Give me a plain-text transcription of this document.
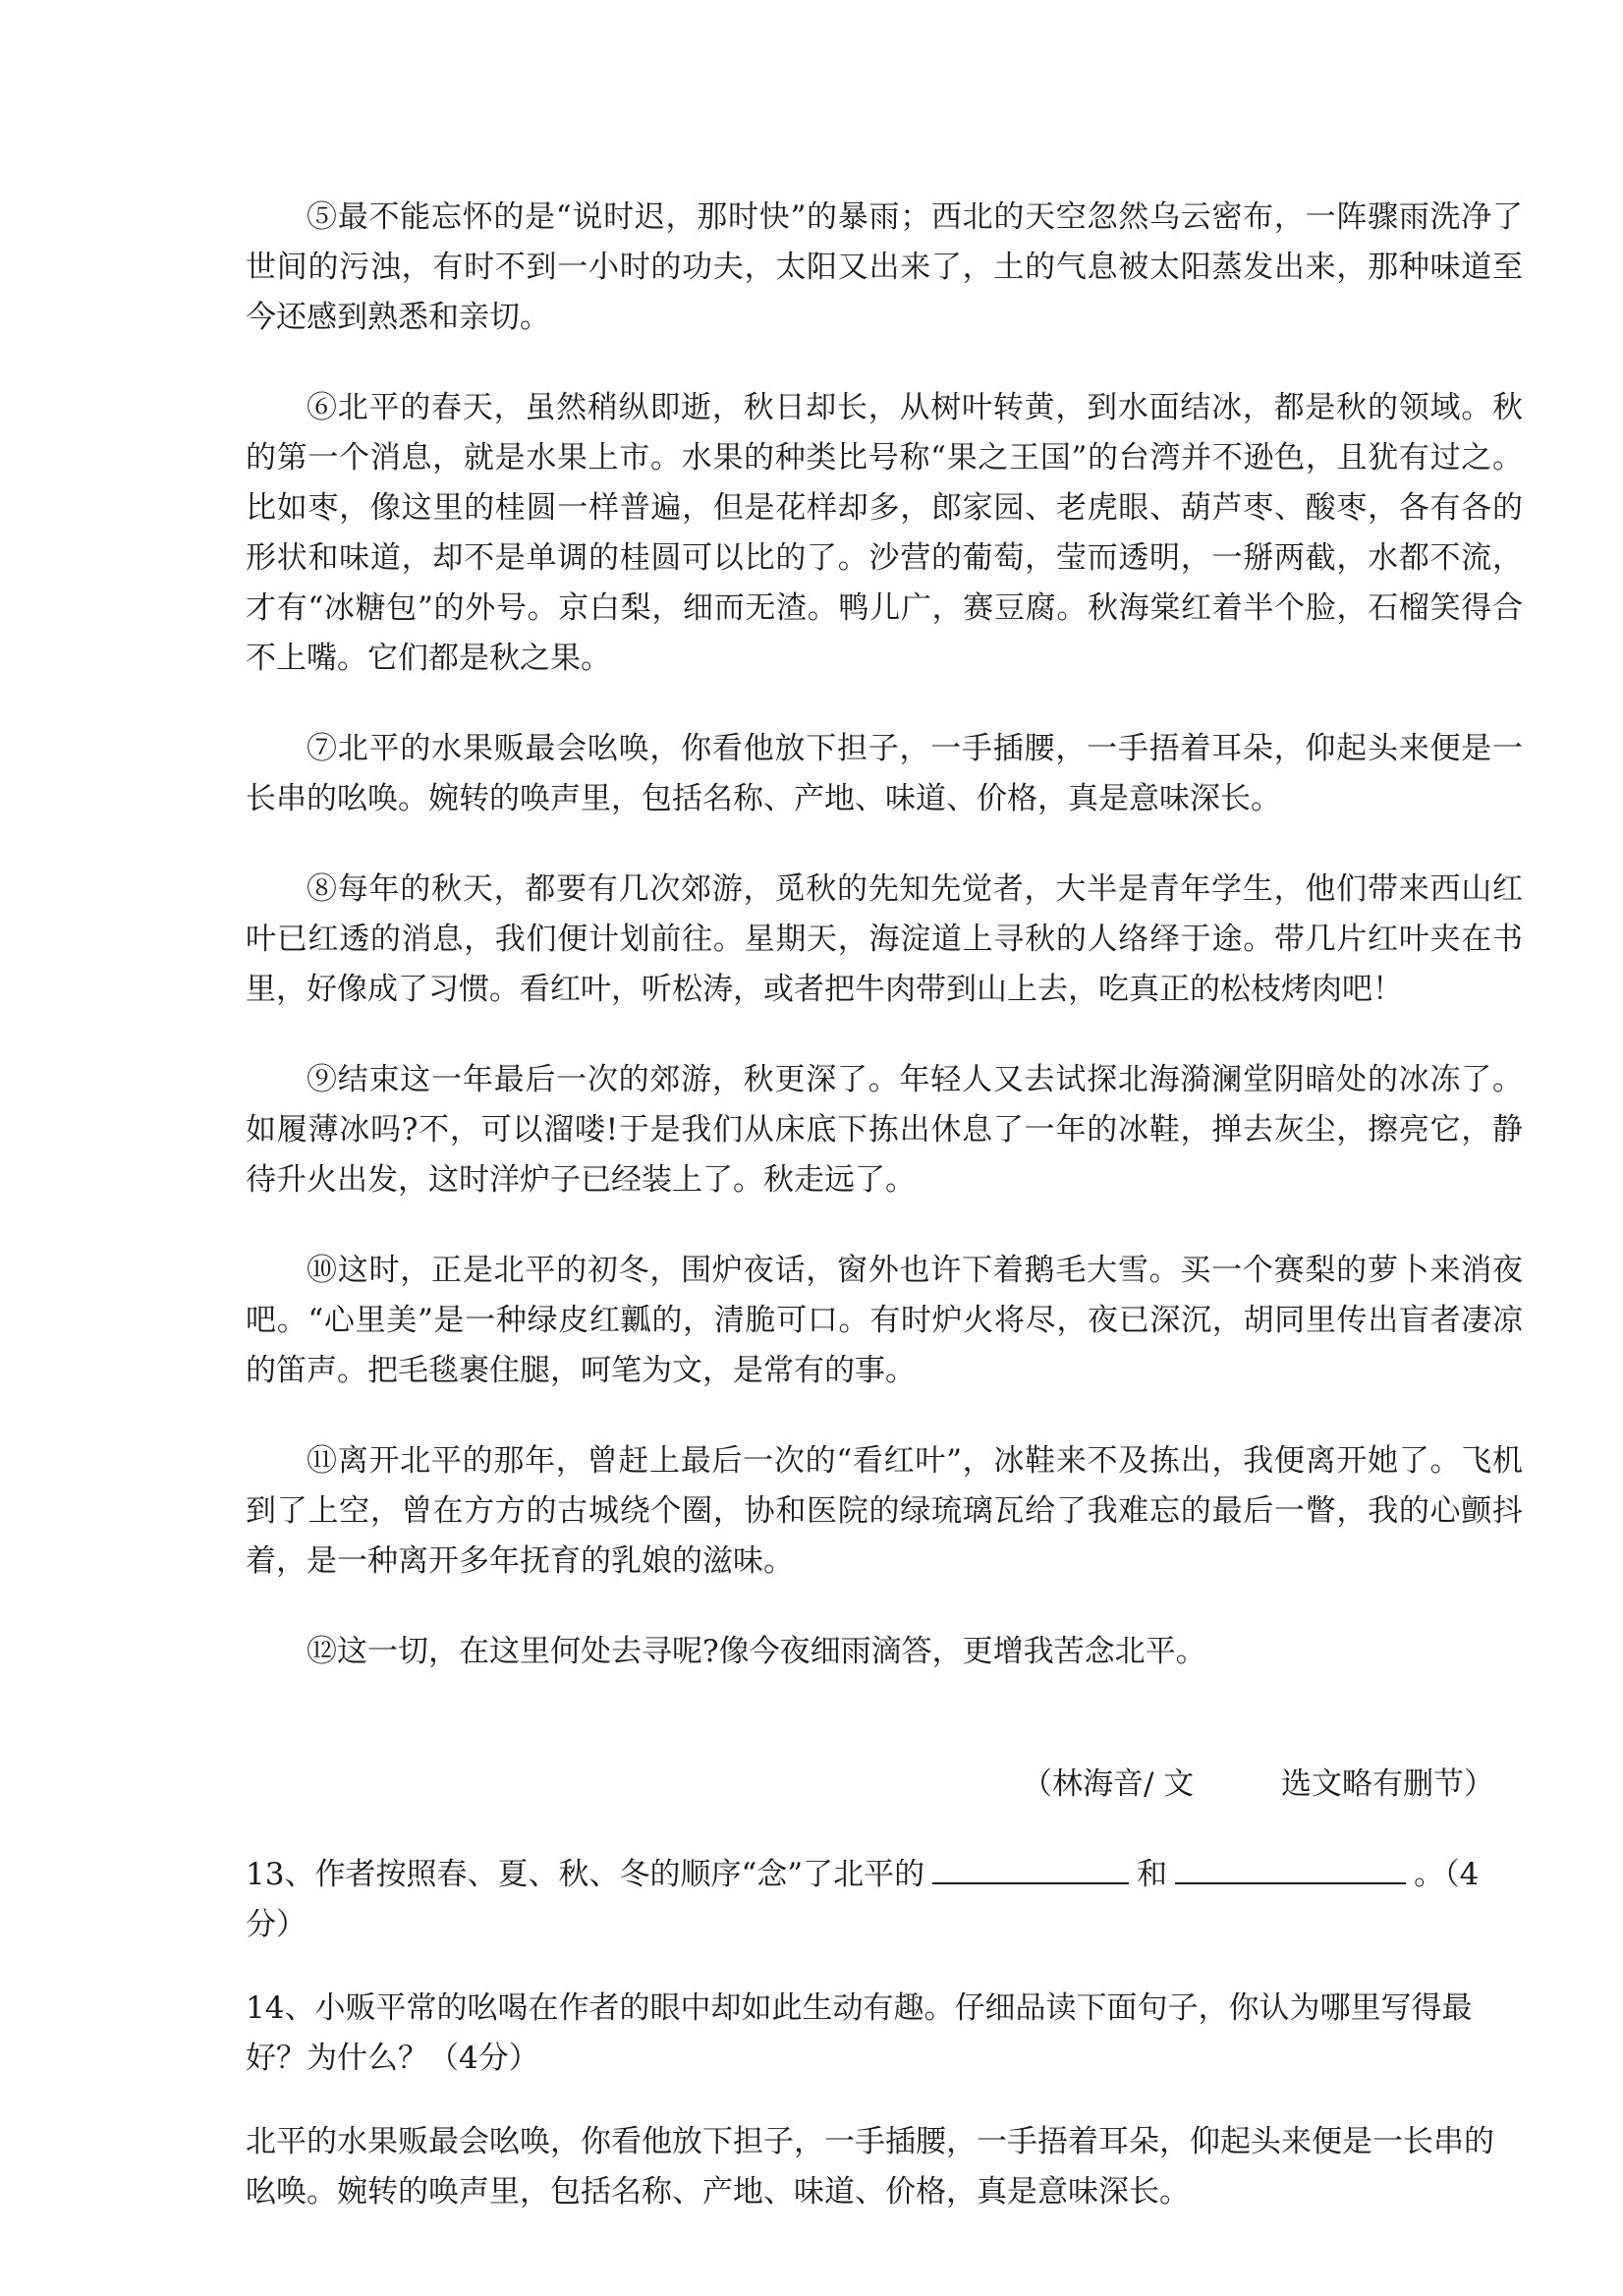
⑤最不能忘怀的是“说时迟，那时快”的暴雨；西北的天空忽然乌云密布，一阵骤雨洗净了世间的污浊，有时不到一小时的功夫，太阳又出来了，土的气息被太阳蒸发出来，那种味道至今还感到熟悉和亲切。

⑥北平的春天，虽然稍纵即逝，秋日却长，从树叶转黄，到水面结冰，都是秋的领域。秋的第一个消息，就是水果上市。水果的种类比号称“果之王国”的台湾并不逊色，且犹有过之。比如枣，像这里的桂圆一样普遍，但是花样却多，郎家园、老虎眼、葫芦枣、酸枣，各有各的形状和味道，却不是单调的桂圆可以比的了。沙营的葡萄，莹而透明，一掰两截，水都不流，才有“冰糖包”的外号。京白梨，细而无渣。鸭儿广，赛豆腐。秋海棠红着半个脸，石榴笑得合不上嘴。它们都是秋之果。

⑦北平的水果贩最会吆唤，你看他放下担子，一手插腰，一手捂着耳朵，仰起头来便是一长串的吆唤。婉转的唤声里，包括名称、产地、味道、价格，真是意味深长。

⑧每年的秋天，都要有几次郊游，觅秋的先知先觉者，大半是青年学生，他们带来西山红叶已红透的消息，我们便计划前往。星期天，海淀道上寻秋的人络绎于途。带几片红叶夹在书里，好像成了习惯。看红叶，听松涛，或者把牛肉带到山上去，吃真正的松枝烤肉吧！

⑨结束这一年最后一次的郊游，秋更深了。年轻人又去试探北海漪澜堂阴暗处的冰冻了。如履薄冰吗?不，可以溜喽!于是我们从床底下拣出休息了一年的冰鞋，掸去灰尘，擦亮它，静待升火出发，这时洋炉子已经装上了。秋走远了。

⑩这时，正是北平的初冬，围炉夜话，窗外也许下着鹅毛大雪。买一个赛梨的萝卜来消夜吧。“心里美”是一种绿皮红瓤的，清脆可口。有时炉火将尽，夜已深沉，胡同里传出盲者凄凉的笛声。把毛毯裹住腿，呵笔为文，是常有的事。

⑪离开北平的那年，曾赶上最后一次的“看红叶”，冰鞋来不及拣出，我便离开她了。飞机到了上空，曾在方方的古城绕个圈，协和医院的绿琉璃瓦给了我难忘的最后一瞥，我的心颤抖着，是一种离开多年抚育的乳娘的滋味。

⑫这一切，在这里何处去寻呢?像今夜细雨滴答，更增我苦念北平。

（林海音/ 文         选文略有删节）
13、作者按照春、夏、秋、冬的顺序“念”了北平的	和	。（4分）
14、小贩平常的吆喝在作者的眼中却如此生动有趣。仔细品读下面句子，你认为哪里写得最好？为什么？（4分）
北平的水果贩最会吆唤，你看他放下担子，一手插腰，一手捂着耳朵，仰起头来便是一长串的吆唤。婉转的唤声里，包括名称、产地、味道、价格，真是意味深长。
